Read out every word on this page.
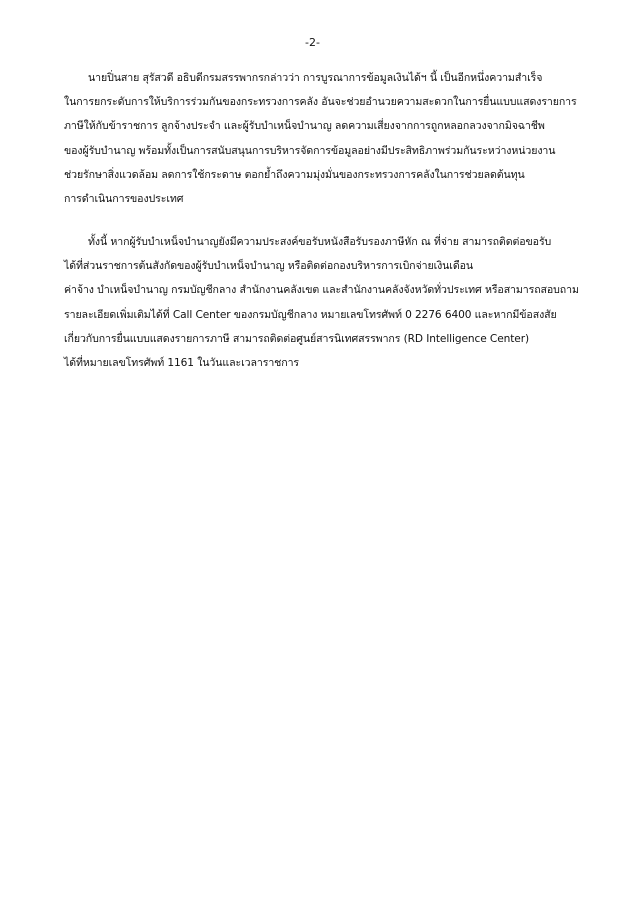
-2-
นายปิ่นสาย สุรัสวดี อธิบดีกรมสรรพากรกล่าวว่า การบูรณาการข้อมูลเงินได้ฯ นี้ เป็นอีกหนึ่งความสำเร็จ
ในการยกระดับการให้บริการร่วมกันของกระทรวงการคลัง อันจะช่วยอำนวยความสะดวกในการยื่นแบบแสดงรายการ
ภาษีให้กับข้าราชการ ลูกจ้างประจำ และผู้รับบำเหน็จบำนาญ ลดความเสี่ยงจากการถูกหลอกลวงจากมิจฉาชีพ
ของผู้รับบำนาญ พร้อมทั้งเป็นการสนับสนุนการบริหารจัดการข้อมูลอย่างมีประสิทธิภาพร่วมกันระหว่างหน่วยงาน
ช่วยรักษาสิ่งแวดล้อม ลดการใช้กระดาษ ตอกย้ำถึงความมุ่งมั่นของกระทรวงการคลังในการช่วยลดต้นทุน
การดำเนินการของประเทศ
ทั้งนี้ หากผู้รับบำเหน็จบำนาญยังมีความประสงค์ขอรับหนังสือรับรองภาษีหัก ณ ที่จ่าย สามารถติดต่อขอรับ
ได้ที่ส่วนราชการต้นสังกัดของผู้รับบำเหน็จบำนาญ หรือติดต่อกองบริหารการเบิกจ่ายเงินเดือน
ค่าจ้าง บำเหน็จบำนาญ กรมบัญชีกลาง สำนักงานคลังเขต และสำนักงานคลังจังหวัดทั่วประเทศ หรือสามารถสอบถาม
รายละเอียดเพิ่มเติมได้ที่ Call Center ของกรมบัญชีกลาง หมายเลขโทรศัพท์ 0 2276 6400 และหากมีข้อสงสัย
เกี่ยวกับการยื่นแบบแสดงรายการภาษี สามารถติดต่อศูนย์สารนิเทศสรรพากร (RD Intelligence Center)
ได้ที่หมายเลขโทรศัพท์ 1161 ในวันและเวลาราชการ
